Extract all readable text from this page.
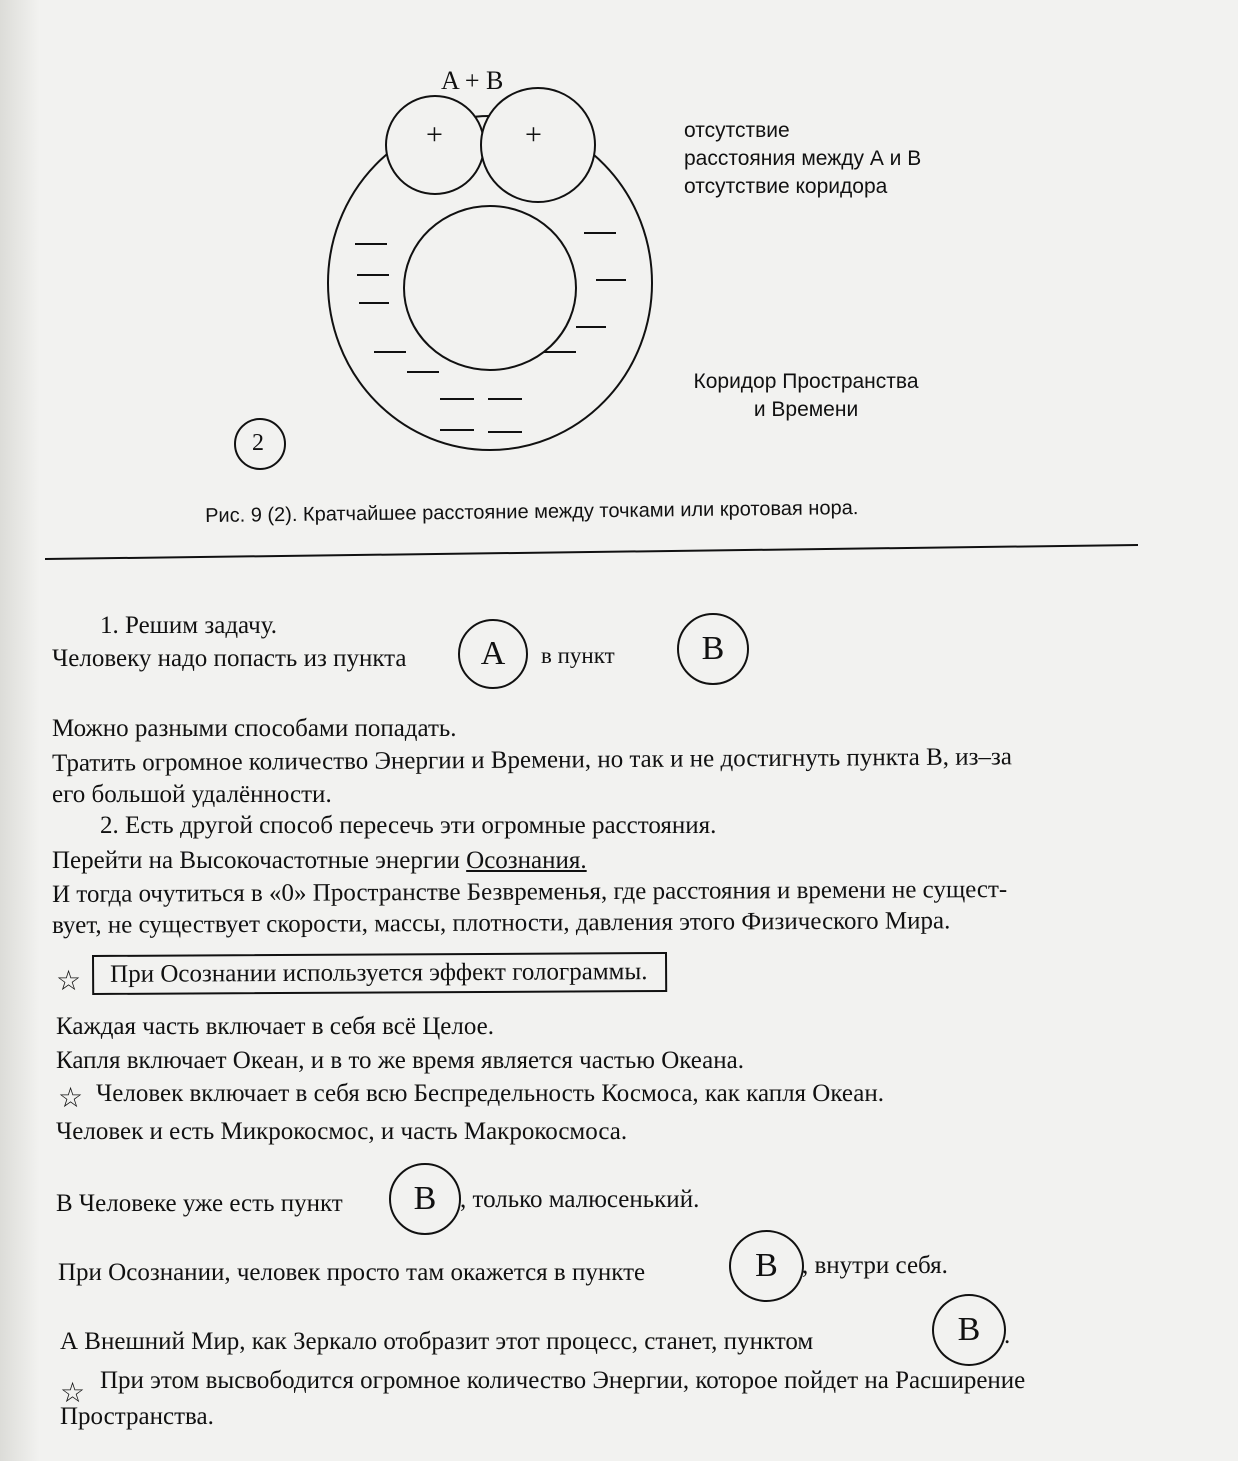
A + B
+	+
2
отсутствие
расстояния между А и В
отсутствие коридора
Коридор Пространства
и Времени
Рис. 9 (2). Кратчайшее расстояние между точками или кротовая нора.
1. Решим задачу.
Человеку надо попасть из пункта	А	в пункт	В
Можно разными способами попадать.
Тратить огромное количество Энергии и Времени, но так и не достигнуть пункта В, из–за
его большой удалённости.
2. Есть другой способ пересечь эти огромные расстояния.
Перейти на Высокочастотные энергии Осознания.
И тогда очутиться в «0» Пространстве Безвременья, где расстояния и времени не сущест-
вует, не существует скорости, массы, плотности, давления этого Физического Мира.
☆	При Осознании используется эффект голограммы.
Каждая часть включает в себя всё Целое.
Капля включает Океан, и в то же время является частью Океана.
☆ Человек включает в себя всю Беспредельность Космоса, как капля Океан.
Человек и есть Микрокосмос, и часть Макрокосмоса.
В Человеке уже есть пункт	В , только малюсенький.
При Осознании, человек просто там окажется в пункте	В , внутри себя.
А Внешний Мир, как Зеркало отобразит этот процесс, станет, пунктом	В .
☆ При этом высвободится огромное количество Энергии, которое пойдет на Расширение
Пространства.
